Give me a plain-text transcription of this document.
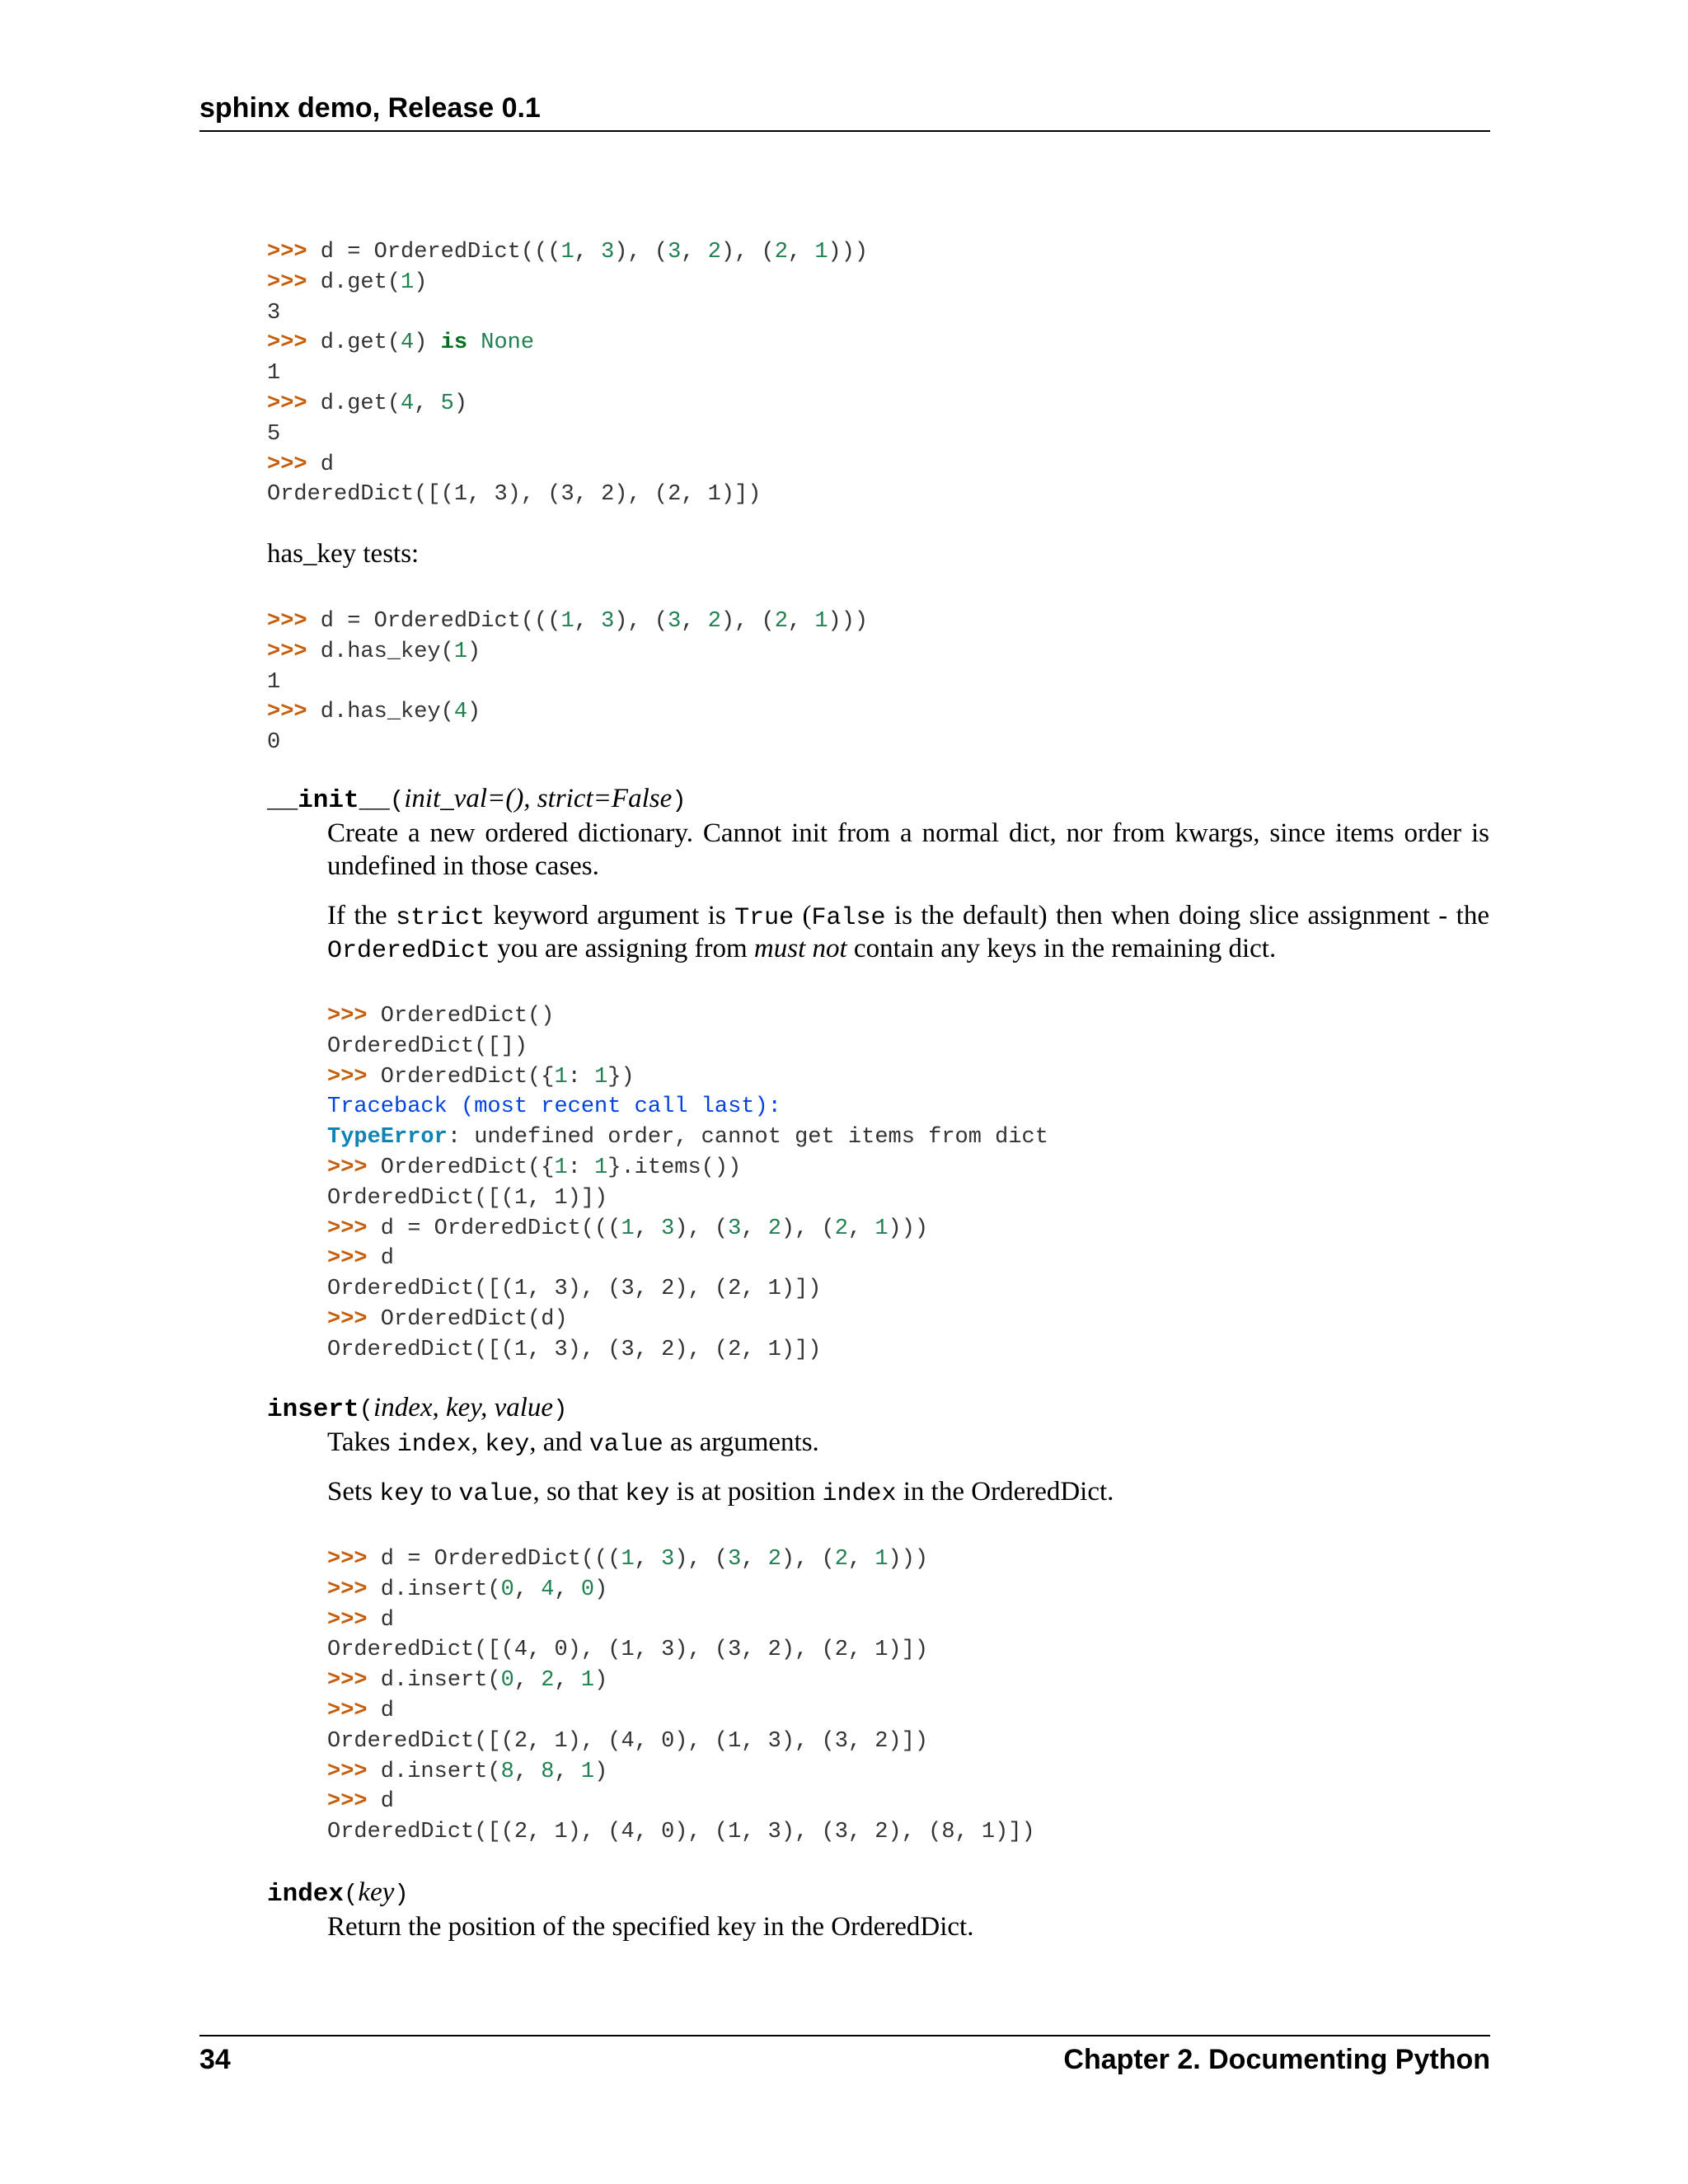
sphinx demo, Release 0.1
>>> d = OrderedDict(((1, 3), (3, 2), (2, 1)))
>>> d.get(1)
3
>>> d.get(4) is None
1
>>> d.get(4, 5)
5
>>> d
OrderedDict([(1, 3), (3, 2), (2, 1)])
has_key tests:
>>> d = OrderedDict(((1, 3), (3, 2), (2, 1)))
>>> d.has_key(1)
1
>>> d.has_key(4)
0
__init__(init_val=(), strict=False)
Create a new ordered dictionary. Cannot init from a normal dict, nor from kwargs, since items order is
undefined in those cases.
If the strict keyword argument is True (False is the default) then when doing slice assignment - the
OrderedDict you are assigning from must not contain any keys in the remaining dict.
>>> OrderedDict()
OrderedDict([])
>>> OrderedDict({1: 1})
Traceback (most recent call last):
TypeError: undefined order, cannot get items from dict
>>> OrderedDict({1: 1}.items())
OrderedDict([(1, 1)])
>>> d = OrderedDict(((1, 3), (3, 2), (2, 1)))
>>> d
OrderedDict([(1, 3), (3, 2), (2, 1)])
>>> OrderedDict(d)
OrderedDict([(1, 3), (3, 2), (2, 1)])
insert(index, key, value)
Takes index, key, and value as arguments.
Sets key to value, so that key is at position index in the OrderedDict.
>>> d = OrderedDict(((1, 3), (3, 2), (2, 1)))
>>> d.insert(0, 4, 0)
>>> d
OrderedDict([(4, 0), (1, 3), (3, 2), (2, 1)])
>>> d.insert(0, 2, 1)
>>> d
OrderedDict([(2, 1), (4, 0), (1, 3), (3, 2)])
>>> d.insert(8, 8, 1)
>>> d
OrderedDict([(2, 1), (4, 0), (1, 3), (3, 2), (8, 1)])
index(key)
Return the position of the specified key in the OrderedDict.
34	Chapter 2. Documenting Python
